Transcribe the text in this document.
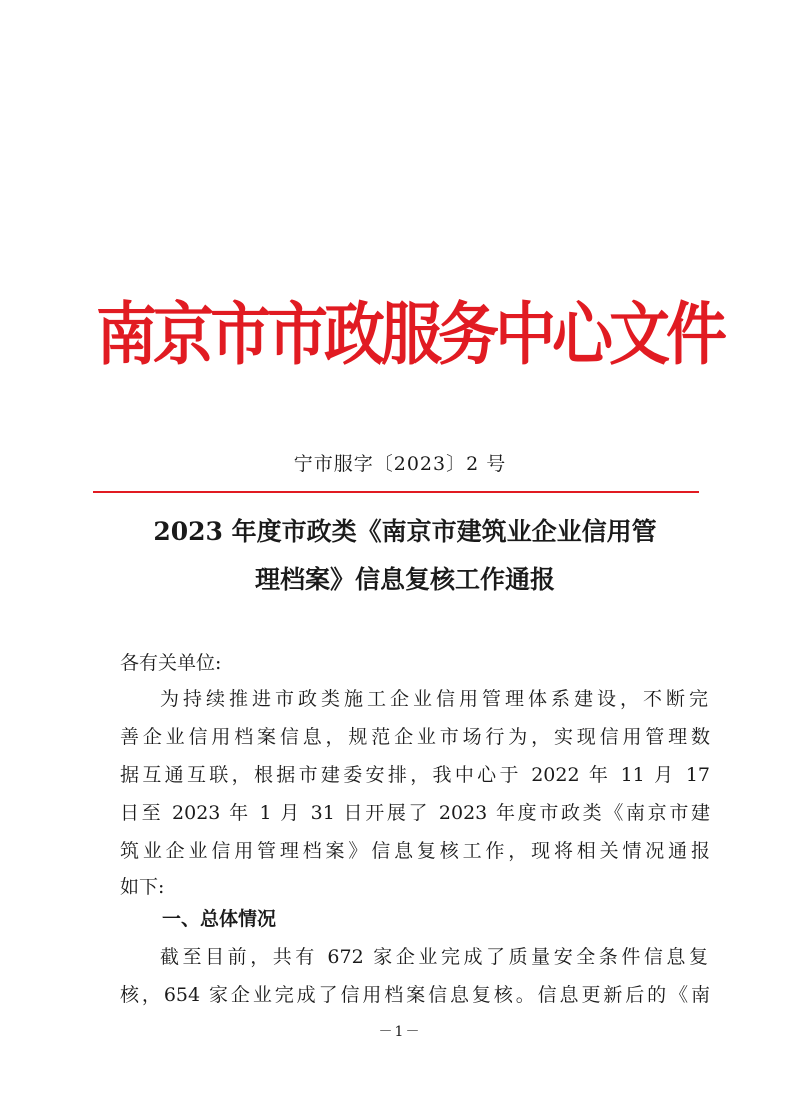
南京市市政服务中心文件
宁市服字〔2023〕2 号
2023 年度市政类《南京市建筑业企业信用管
理档案》信息复核工作通报
各有关单位:
为持续推进市政类施工企业信用管理体系建设，不断完
善企业信用档案信息，规范企业市场行为，实现信用管理数
据互通互联，根据市建委安排，我中心于 2022 年 11 月 17
日至 2023 年 1 月 31 日开展了 2023 年度市政类《南京市建
筑业企业信用管理档案》信息复核工作，现将相关情况通报
如下:
一、总体情况
截至目前，共有 672 家企业完成了质量安全条件信息复
核，654 家企业完成了信用档案信息复核。信息更新后的《南
－1－
